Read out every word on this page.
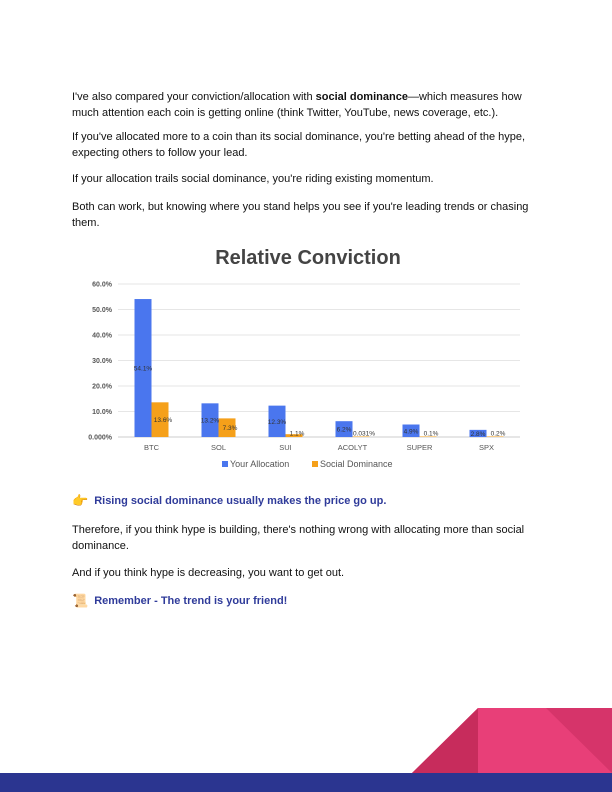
I've also compared your conviction/allocation with social dominance—which measures how much attention each coin is getting online (think Twitter, YouTube, news coverage, etc.).

If you've allocated more to a coin than its social dominance, you're betting ahead of the hype, expecting others to follow your lead.

If your allocation trails social dominance, you're riding existing momentum.

Both can work, but knowing where you stand helps you see if you're leading trends or chasing them.

Relative Conviction
54.1%
13.6%	13.2%
7.3%
12.3%
1.1%
6.2%
0.031%	4.9% 0.1%	2.8% 0.2%
0.000%
10.0%
20.0%
30.0%
40.0%
50.0%
60.0%
BTC	SOL	SUI	ACOLYT	SUPER	SPX
Your Allocation	Social Dominance
👉 Rising social dominance usually makes the price go up.

Therefore, if you think hype is building, there's nothing wrong with allocating more than social dominance.

And if you think hype is decreasing, you want to get out.

📜 Remember - The trend is your friend!
